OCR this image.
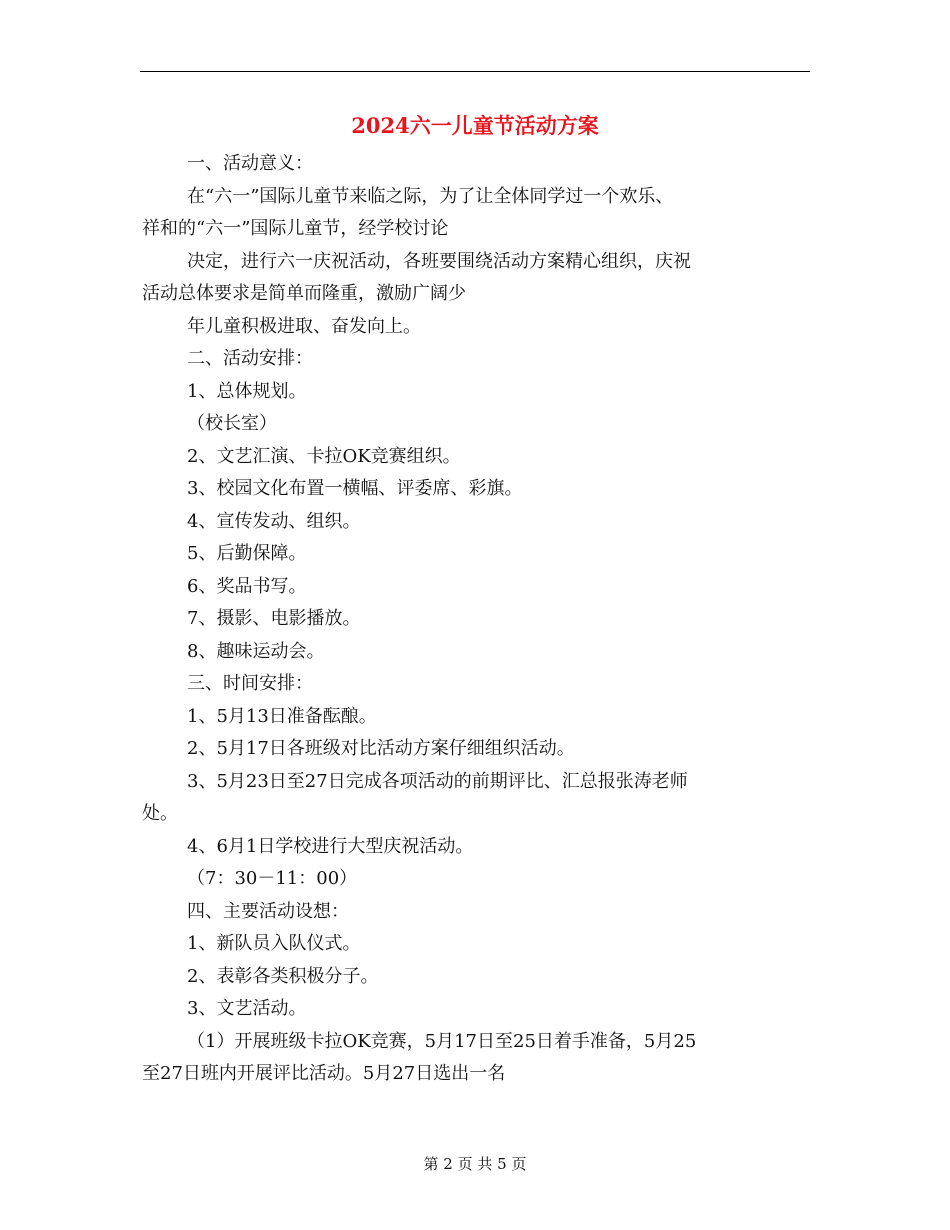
2024六一儿童节活动方案
一、活动意义：
在“六一”国际儿童节来临之际，为了让全体同学过一个欢乐、
祥和的“六一”国际儿童节，经学校讨论
决定，进行六一庆祝活动，各班要围绕活动方案精心组织，庆祝
活动总体要求是简单而隆重，激励广阔少
年儿童积极进取、奋发向上。
二、活动安排：
1、总体规划。
（校长室）
2、文艺汇演、卡拉OK竞赛组织。
3、校园文化布置一横幅、评委席、彩旗。
4、宣传发动、组织。
5、后勤保障。
6、奖品书写。
7、摄影、电影播放。
8、趣味运动会。
三、时间安排：
1、5月13日准备酝酿。
2、5月17日各班级对比活动方案仔细组织活动。
3、5月23日至27日完成各项活动的前期评比、汇总报张涛老师
处。
4、6月1日学校进行大型庆祝活动。
（7：30－11：00）
四、主要活动设想：
1、新队员入队仪式。
2、表彰各类积极分子。
3、文艺活动。
（1）开展班级卡拉OK竞赛，5月17日至25日着手准备，5月25
至27日班内开展评比活动。5月27日选出一名
第 2 页 共 5 页
